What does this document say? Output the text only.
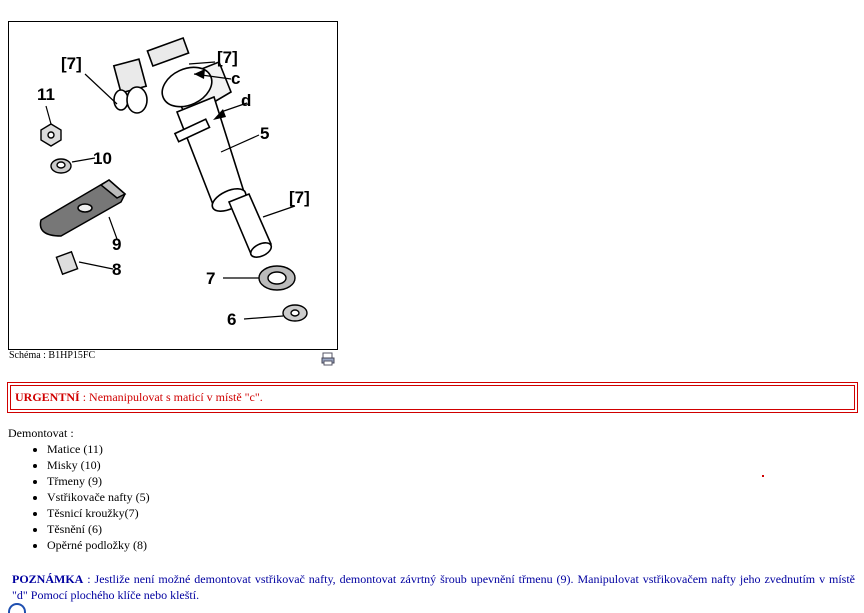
[7]
[7]
[7]
c
d
11
10
9
8
5
7
6
Schéma : B1HP15FC
URGENTNÍ : Nemanipulovat s maticí v místě "c".
Demontovat :
• Matice (11)
• Misky (10)
• Třmeny (9)
• Vstřikovače nafty (5)
• Těsnicí kroužky(7)
• Těsnění (6)
• Opěrné podložky (8)
POZNÁMKA : Jestliže není možné demontovat vstřikovač nafty, demontovat závrtný šroub upevnění třmenu (9). Manipulovat vstřikovačem nafty jeho zvednutím v místě "d" Pomocí plochého klíče nebo kleští.
